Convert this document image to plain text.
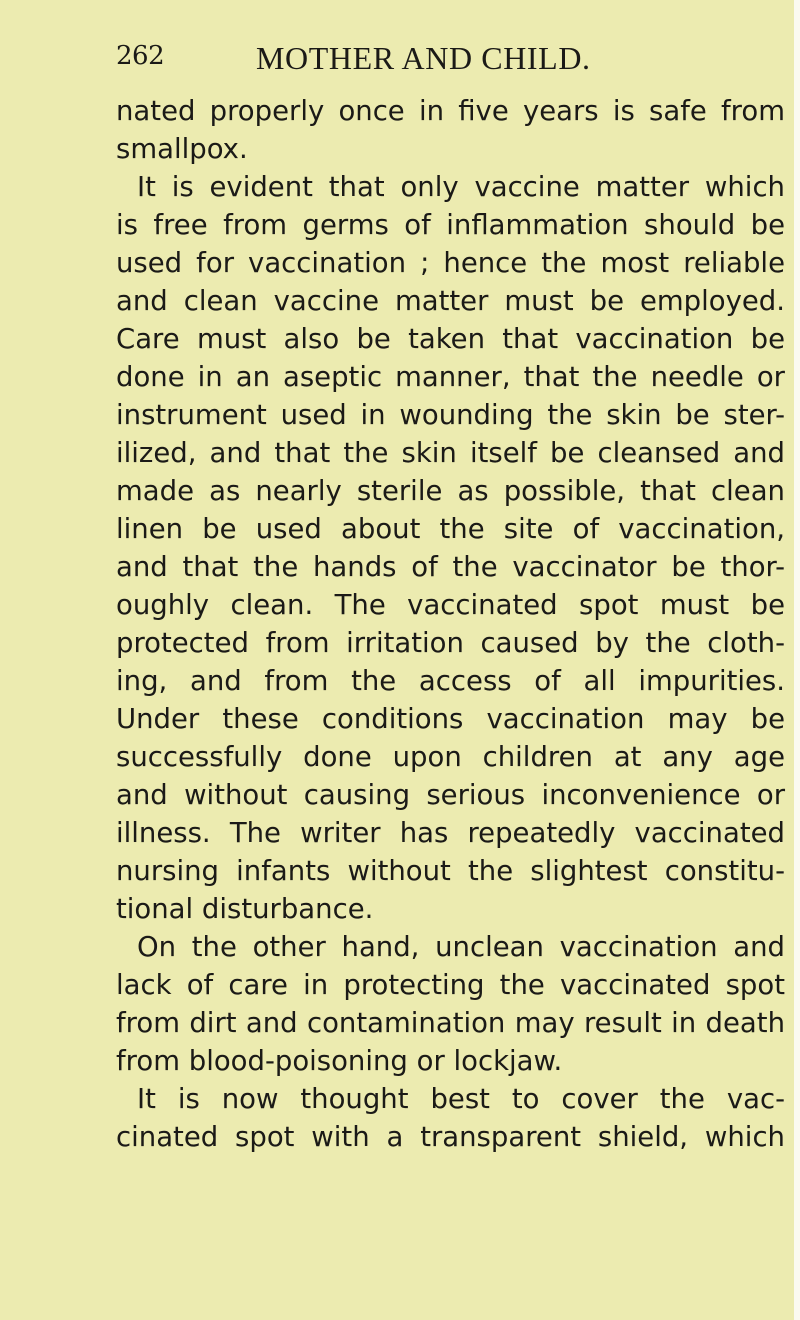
262	MOTHER AND CHILD.

nated properly once in five years is safe from

smallpox.

It is evident that only vaccine matter which

is free from germs of inflammation should be

used for vaccination ; hence the most reliable

and clean vaccine matter must be employed.

Care must also be taken that vaccination be

done in an aseptic manner, that the needle or

instrument used in wounding the skin be ster-

ilized, and that the skin itself be cleansed and

made as nearly sterile as possible, that clean

linen be used about the site of vaccination,

and that the hands of the vaccinator be thor-

oughly clean. The vaccinated spot must be

protected from irritation caused by the cloth-

ing, and from the access of all impurities.

Under these conditions vaccination may be

successfully done upon children at any age

and without causing serious inconvenience or

illness. The writer has repeatedly vaccinated

nursing infants without the slightest constitu-

tional disturbance.

On the other hand, unclean vaccination and

lack of care in protecting the vaccinated spot

from dirt and contamination may result in death

from blood-poisoning or lockjaw.

It is now thought best to cover the vac-

cinated spot with a transparent shield, which
